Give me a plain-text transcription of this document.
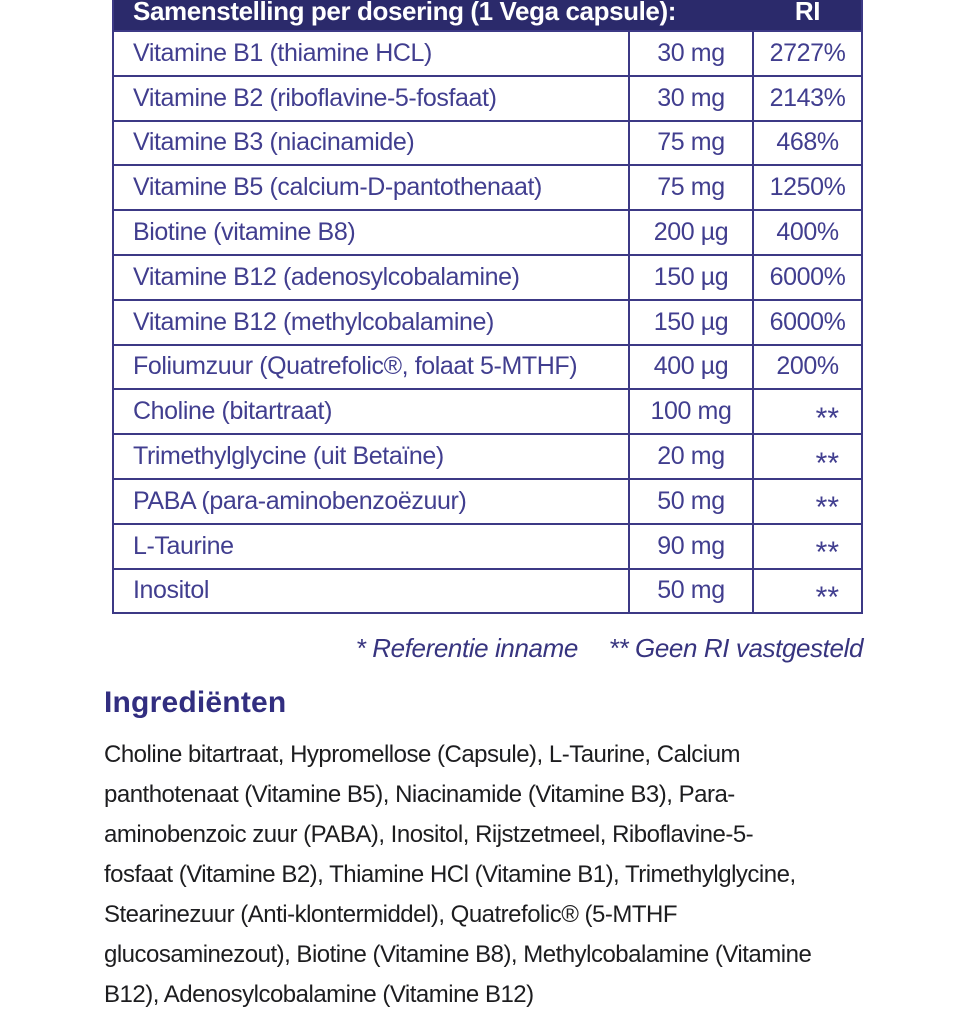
Samenstelling per dosering (1 Vega capsule):	RI
Vitamine B1 (thiamine HCL)	30 mg	2727%
Vitamine B2 (riboflavine-5-fosfaat)	30 mg	2143%
Vitamine B3 (niacinamide)	75 mg	468%
Vitamine B5 (calcium-D-pantothenaat)	75 mg	1250%
Biotine (vitamine B8)	200 µg	400%
Vitamine B12 (adenosylcobalamine)	150 µg	6000%
Vitamine B12 (methylcobalamine)	150 µg	6000%
Foliumzuur (Quatrefolic®, folaat 5-MTHF)	400 µg	200%
Choline (bitartraat)	100 mg	**
Trimethylglycine (uit Betaïne)	20 mg	**
PABA (para-aminobenzoëzuur)	50 mg	**
L-Taurine	90 mg	**
Inositol	50 mg	**
* Referentie inname ** Geen RI vastgesteld
Ingrediënten
Choline bitartraat, Hypromellose (Capsule), L-Taurine, Calcium
panthotenaat (Vitamine B5), Niacinamide (Vitamine B3), Para-
aminobenzoic zuur (PABA), Inositol, Rijstzetmeel, Riboflavine-5-
fosfaat (Vitamine B2), Thiamine HCl (Vitamine B1), Trimethylglycine,
Stearinezuur (Anti-klontermiddel), Quatrefolic® (5-MTHF
glucosaminezout), Biotine (Vitamine B8), Methylcobalamine (Vitamine
B12), Adenosylcobalamine (Vitamine B12)
